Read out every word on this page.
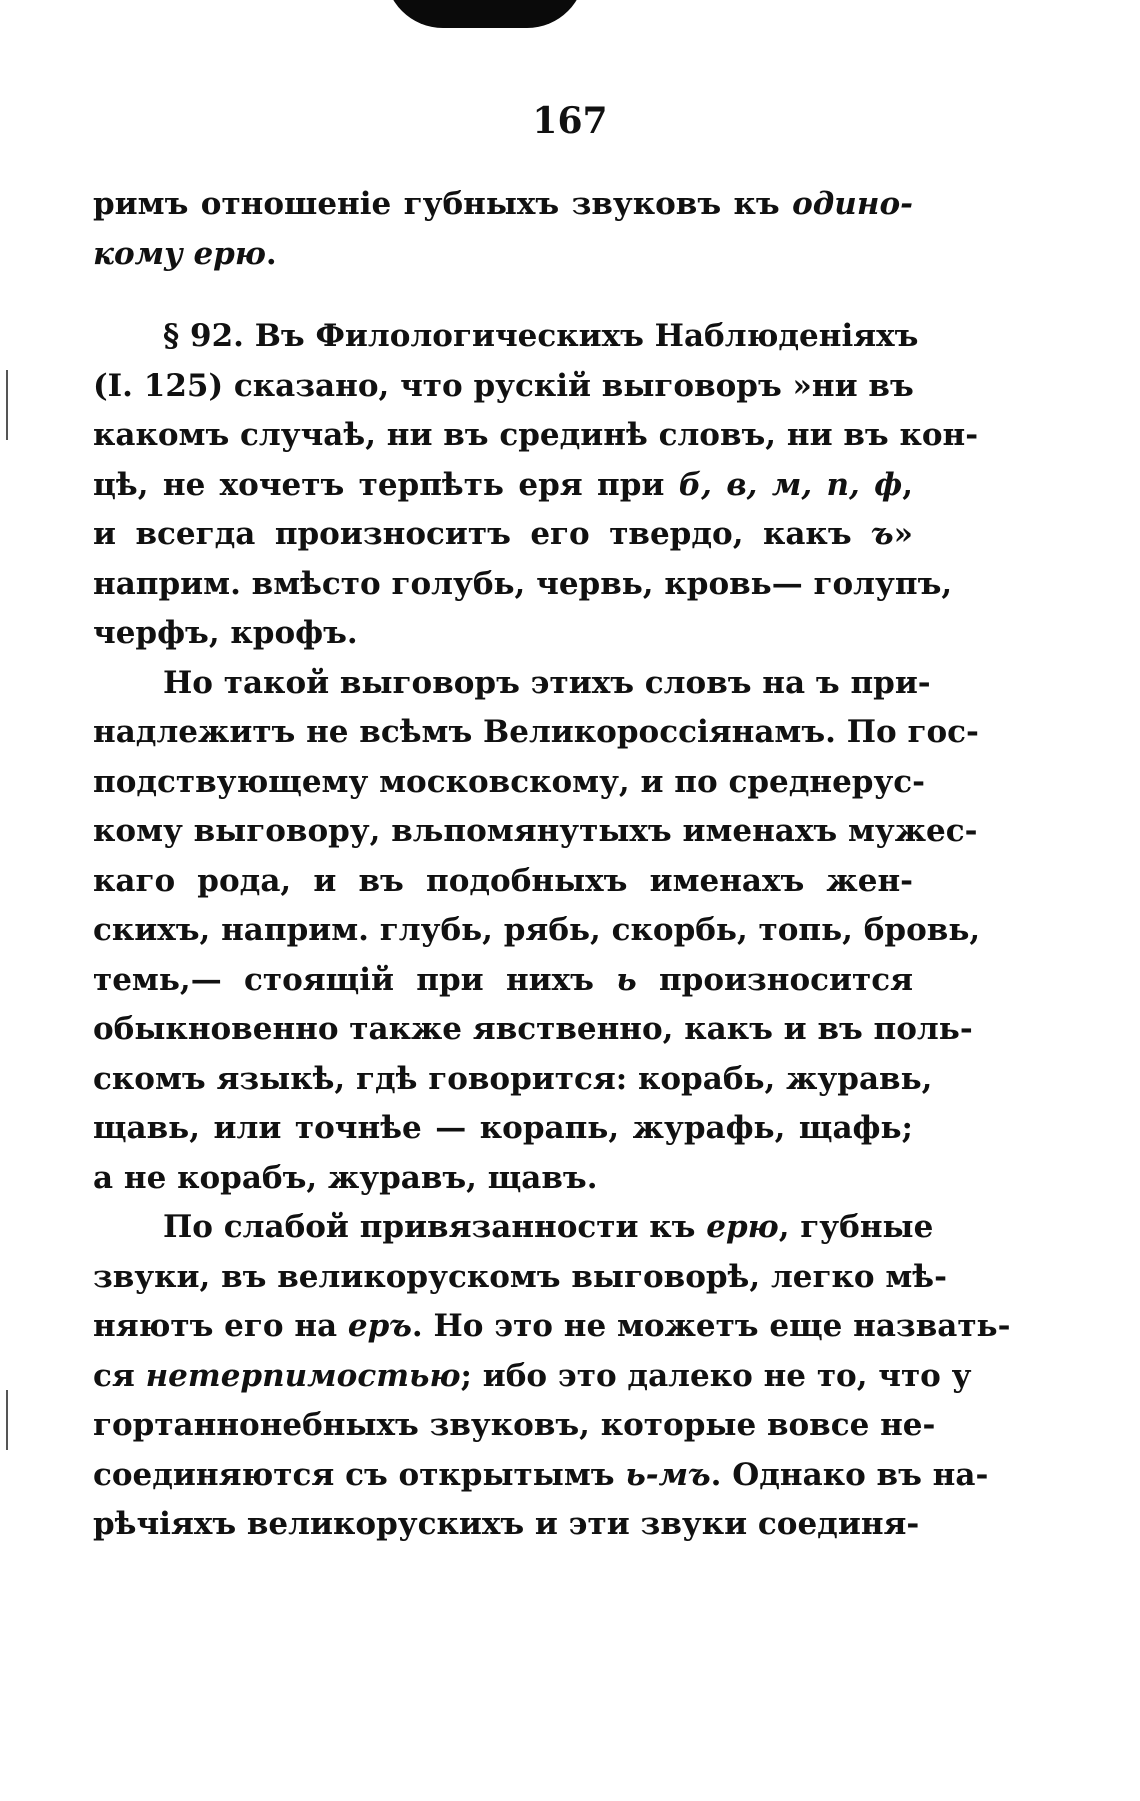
167
римъ отношеніе губныхъ звуковъ къ одино-
кому ерю.
§ 92. Въ Филологическихъ Наблюденіяхъ
(I. 125) сказано, что рускій выговоръ »ни въ
какомъ случаѣ, ни въ срединѣ словъ, ни въ кон-
цѣ, не хочетъ терпѣть еря при б, в, м, п, ф,
и всегда произноситъ его твердо, какъ ъ»
наприм. вмѣсто голубь, червь, кровь— голупъ,
черфъ, крофъ.
Но такой выговоръ этихъ словъ на ъ при-
надлежитъ не всѣмъ Великороссіянамъ. По гос-
подствующему московскому, и по среднерус-
кому выговору, вљпомянутыхъ именахъ мужес-
каго рода, и въ подобныхъ именахъ жен-
скихъ, наприм. глубь, рябь, скорбь, топь, бровь,
темь,— стоящій при нихъ ь произносится
обыкновенно также явственно, какъ и въ поль-
скомъ языкѣ, гдѣ говорится: корабь, журавь,
щавь, или точнѣе — корапь, журафь, щафь;
а не корабъ, журавъ, щавъ.
По слабой привязанности къ ерю, губные
звуки, въ великорускомъ выговорѣ, легко мѣ-
няютъ его на еръ. Но это не можетъ еще назвать-
ся нетерпимостью; ибо это далеко не то, что у
гортаннонебныхъ звуковъ, которые вовсе не-
соединяются съ открытымъ ь-мъ. Однако въ на-
рѣчіяхъ великорускихъ и эти звуки соединя-
